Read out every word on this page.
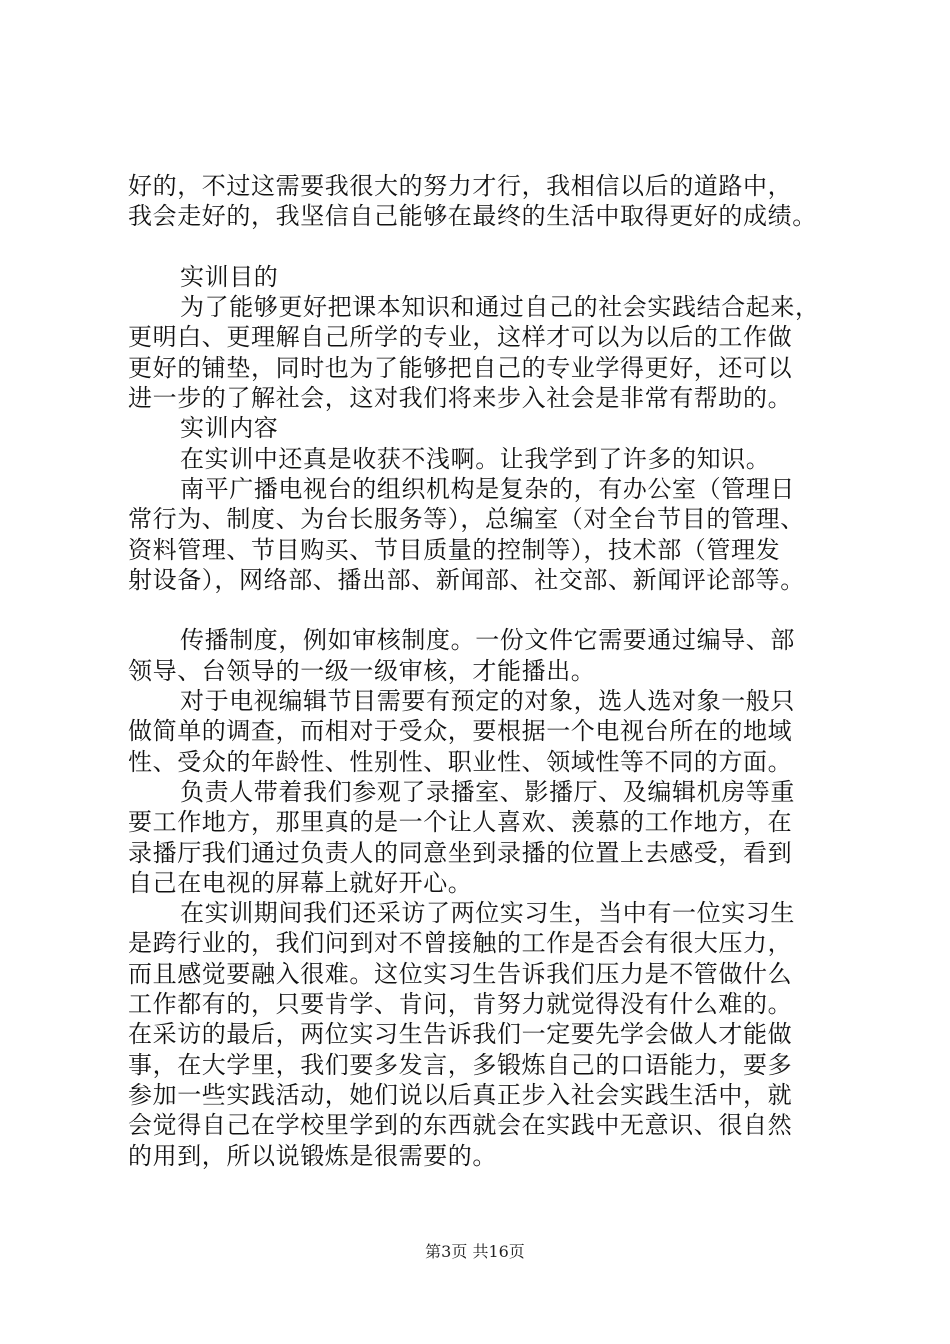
好的，不过这需要我很大的努力才行，我相信以后的道路中，
我会走好的，我坚信自己能够在最终的生活中取得更好的成绩。
实训目的
为了能够更好把课本知识和通过自己的社会实践结合起来，
更明白、更理解自己所学的专业，这样才可以为以后的工作做
更好的铺垫，同时也为了能够把自己的专业学得更好，还可以
进一步的了解社会，这对我们将来步入社会是非常有帮助的。
实训内容
在实训中还真是收获不浅啊。让我学到了许多的知识。
南平广播电视台的组织机构是复杂的，有办公室（管理日
常行为、制度、为台长服务等），总编室（对全台节目的管理、
资料管理、节目购买、节目质量的控制等），技术部（管理发
射设备），网络部、播出部、新闻部、社交部、新闻评论部等。
传播制度，例如审核制度。一份文件它需要通过编导、部
领导、台领导的一级一级审核，才能播出。
对于电视编辑节目需要有预定的对象，选人选对象一般只
做简单的调查，而相对于受众，要根据一个电视台所在的地域
性、受众的年龄性、性别性、职业性、领域性等不同的方面。
负责人带着我们参观了录播室、影播厅、及编辑机房等重
要工作地方，那里真的是一个让人喜欢、羡慕的工作地方，在
录播厅我们通过负责人的同意坐到录播的位置上去感受，看到
自己在电视的屏幕上就好开心。
在实训期间我们还采访了两位实习生，当中有一位实习生
是跨行业的，我们问到对不曾接触的工作是否会有很大压力，
而且感觉要融入很难。这位实习生告诉我们压力是不管做什么
工作都有的，只要肯学、肯问，肯努力就觉得没有什么难的。
在采访的最后，两位实习生告诉我们一定要先学会做人才能做
事，在大学里，我们要多发言，多锻炼自己的口语能力，要多
参加一些实践活动，她们说以后真正步入社会实践生活中，就
会觉得自己在学校里学到的东西就会在实践中无意识、很自然
的用到，所以说锻炼是很需要的。
第3页 共16页
